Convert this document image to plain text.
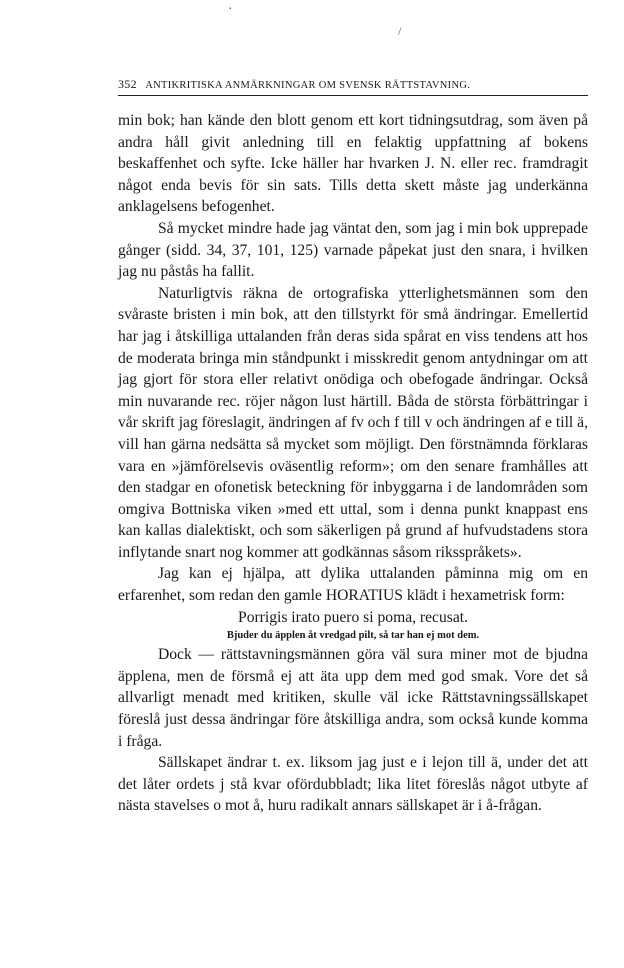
·
/
352 ANTIKRITISKA ANMÄRKNINGAR OM SVENSK RÄTTSTAVNING.

min bok; han kände den blott genom ett kort tidningsutdrag, som även på andra håll givit anledning till en felaktig uppfattning af bokens beskaffenhet och syfte. Icke häller har hvarken J. N. eller rec. framdragit något enda bevis för sin sats. Tills detta skett måste jag underkänna anklagelsens befogenhet.

Så mycket mindre hade jag väntat den, som jag i min bok upprepade gånger (sidd. 34, 37, 101, 125) varnade påpekat just den snara, i hvilken jag nu påstås ha fallit.

Naturligtvis räkna de ortografiska ytterlighetsmännen som den svåraste bristen i min bok, att den tillstyrkt för små ändringar. Emellertid har jag i åtskilliga uttalanden från deras sida spårat en viss tendens att hos de moderata bringa min ståndpunkt i misskredit genom antydningar om att jag gjort för stora eller relativt onödiga och obefogade ändringar. Också min nuvarande rec. röjer någon lust härtill. Båda de största förbättringar i vår skrift jag föreslagit, ändringen af fv och f till v och ändringen af e till ä, vill han gärna nedsätta så mycket som möjligt. Den förstnämnda förklaras vara en »jämförelsevis oväsentlig reform»; om den senare framhålles att den stadgar en ofonetisk beteckning för inbyggarna i de landområden som omgiva Bottniska viken »med ett uttal, som i denna punkt knappast ens kan kallas dialektiskt, och som säkerligen på grund af hufvudstadens stora inflytande snart nog kommer att godkännas såsom riksspråkets».

Jag kan ej hjälpa, att dylika uttalanden påminna mig om en erfarenhet, som redan den gamle HORATIUS klädt i hexametrisk form:

Porrigis irato puero si poma, recusat.

Bjuder du äpplen åt vredgad pilt, så tar han ej mot dem.

Dock — rättstavningsmännen göra väl sura miner mot de bjudna äpplena, men de försmå ej att äta upp dem med god smak. Vore det så allvarligt menadt med kritiken, skulle väl icke Rättstavningssällskapet föreslå just dessa ändringar före åtskilliga andra, som också kunde komma i fråga.

Sällskapet ändrar t. ex. liksom jag just e i lejon till ä, under det att det låter ordets j stå kvar ofördubbladt; lika litet föreslås något utbyte af nästa stavelses o mot å, huru radikalt annars sällskapet är i å-frågan.
